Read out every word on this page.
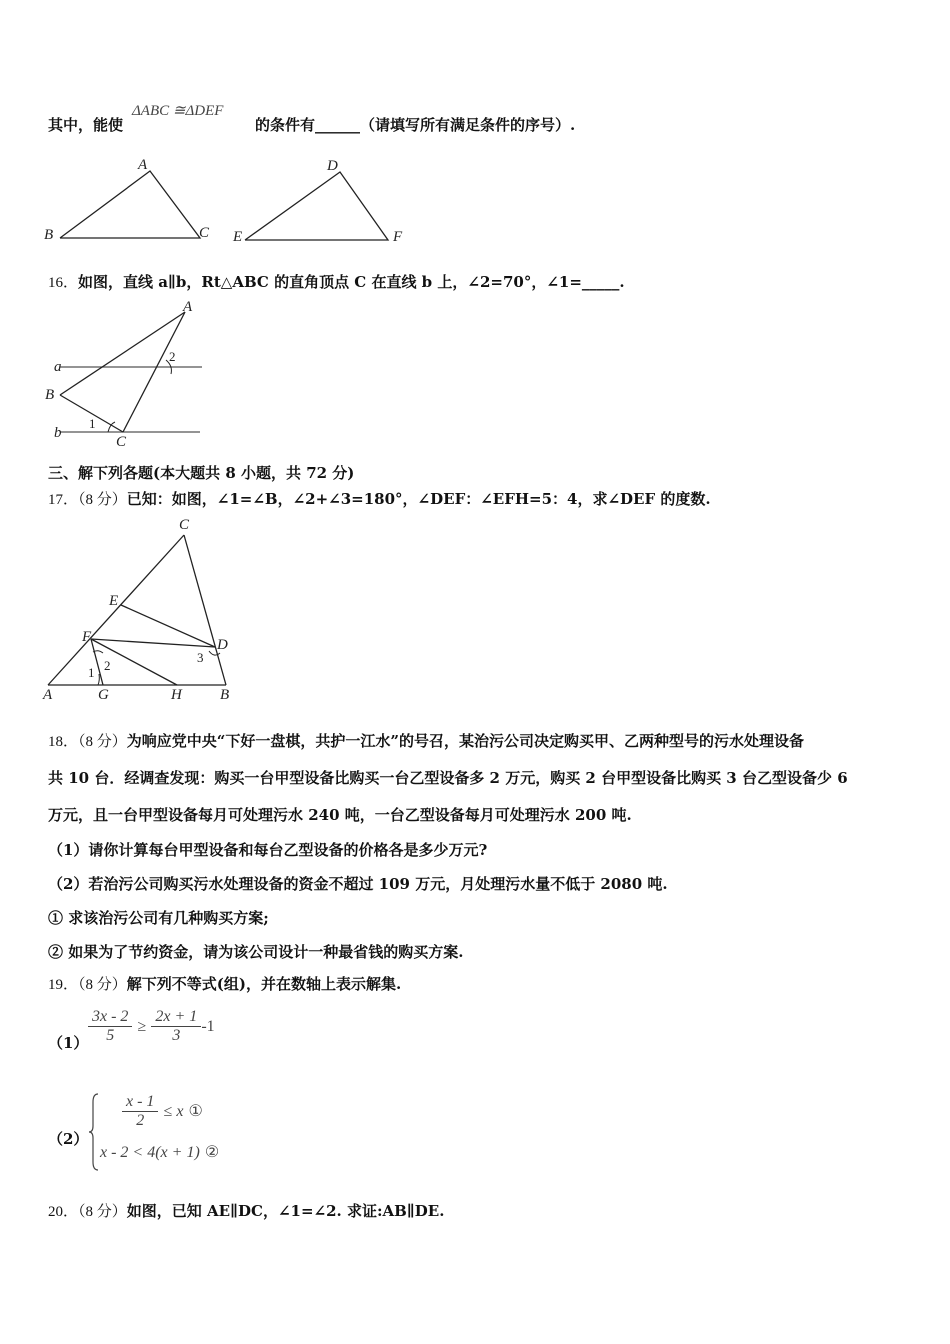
其中，能使
ΔABC ≅ΔDEF
的条件有______（请填写所有满足条件的序号）.
A
B	C
D
E	F
16．如图，直线 a∥b，Rt△ABC 的直角顶点 C 在直线 b 上，∠2=70°，∠1=_____.
A
a
2
B
b
1
C
三、解下列各题(本大题共 8 小题，共 72 分)
17．（8 分）已知：如图，∠1=∠B，∠2+∠3=180°，∠DEF：∠EFH=5：4，求∠DEF 的度数.
C
E
F	D
3
2
1
A	G	H	B
18．（8 分）为响应党中央“下好一盘棋，共护一江水”的号召，某治污公司决定购买甲、乙两种型号的污水处理设备
共 10 台．经调查发现：购买一台甲型设备比购买一台乙型设备多 2 万元，购买 2 台甲型设备比购买 3 台乙型设备少 6
万元，且一台甲型设备每月可处理污水 240 吨，一台乙型设备每月可处理污水 200 吨.
（1）请你计算每台甲型设备和每台乙型设备的价格各是多少万元?
（2）若治污公司购买污水处理设备的资金不超过 109 万元，月处理污水量不低于 2080 吨.
① 求该治污公司有几种购买方案;
② 如果为了节约资金，请为该公司设计一种最省钱的购买方案.
19．（8 分）解下列不等式(组)，并在数轴上表示解集.
$(1) \frac{3x - 2}{5} \ge \frac{2x + 1}{3} -1$
（2）
$\frac{x - 1}{2} \le x$ ①
x - 2 < 4(x + 1) ②
20．（8 分）如图，已知 AE∥DC，∠1=∠2. 求证:AB∥DE.
